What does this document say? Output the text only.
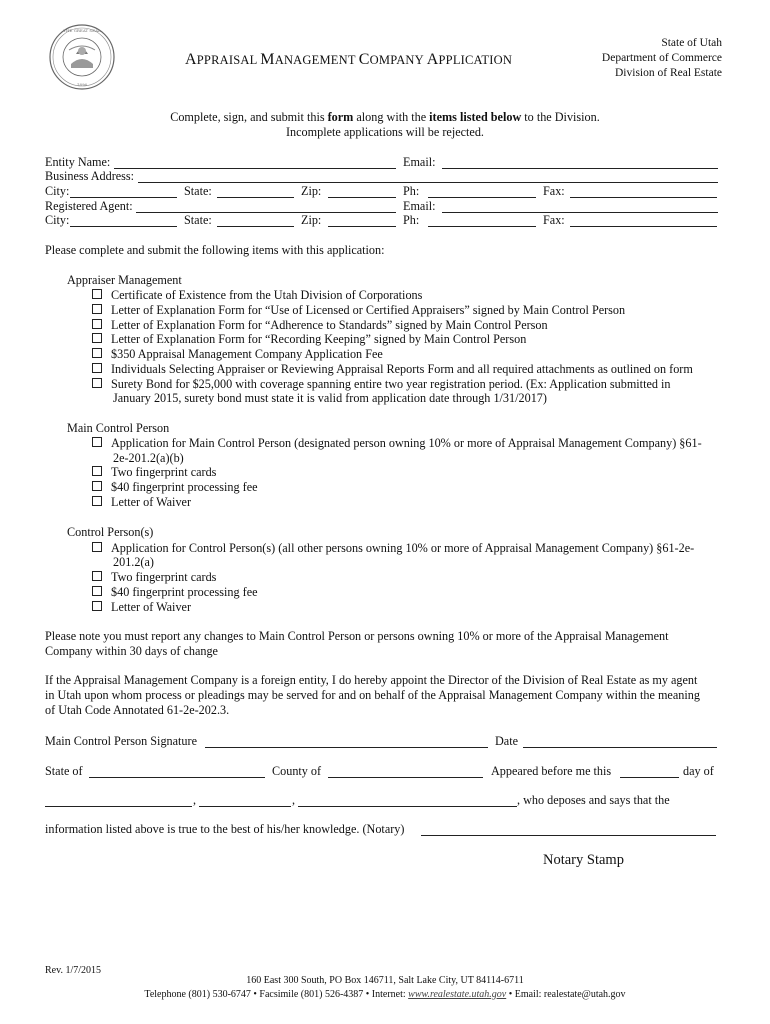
THE GREAT SEAL
1896
APPRAISAL MANAGEMENT COMPANY APPLICATION
State of Utah
Department of Commerce
Division of Real Estate
Complete, sign, and submit this form along with the items listed below to the Division.
Incomplete applications will be rejected.
Entity Name:	Email:
Business Address:
City:	State:	Zip:	Ph:	Fax:
Registered Agent:	Email:
City:	State:	Zip:	Ph:	Fax:
Please complete and submit the following items with this application:
Appraiser Management
Certificate of Existence from the Utah Division of Corporations
Letter of Explanation Form for “Use of Licensed or Certified Appraisers” signed by Main Control Person
Letter of Explanation Form for “Adherence to Standards” signed by Main Control Person
Letter of Explanation Form for “Recording Keeping” signed by Main Control Person
$350 Appraisal Management Company Application Fee
Individuals Selecting Appraiser or Reviewing Appraisal Reports Form and all required attachments as outlined on form
Surety Bond for $25,000 with coverage spanning entire two year registration period. (Ex: Application submitted in
January 2015, surety bond must state it is valid from application date through 1/31/2017)
Main Control Person
Application for Main Control Person (designated person owning 10% or more of Appraisal Management Company) §61-
2e-201.2(a)(b)
Two fingerprint cards
$40 fingerprint processing fee
Letter of Waiver
Control Person(s)
Application for Control Person(s) (all other persons owning 10% or more of Appraisal Management Company) §61-2e-
201.2(a)
Two fingerprint cards
$40 fingerprint processing fee
Letter of Waiver
Please note you must report any changes to Main Control Person or persons owning 10% or more of the Appraisal Management
Company within 30 days of change
If the Appraisal Management Company is a foreign entity, I do hereby appoint the Director of the Division of Real Estate as my agent
in Utah upon whom process or pleadings may be served for and on behalf of the Appraisal Management Company within the meaning
of Utah Code Annotated 61-2e-202.3.
Main Control Person Signature	Date
State of	County of	Appeared before me this	day of
,	,	, who deposes and says that the
information listed above is true to the best of his/her knowledge. (Notary)
Notary Stamp
Rev. 1/7/2015
160 East 300 South, PO Box 146711, Salt Lake City, UT 84114-6711
Telephone (801) 530-6747 • Facsimile (801) 526-4387 • Internet: www.realestate.utah.gov • Email: realestate@utah.gov
